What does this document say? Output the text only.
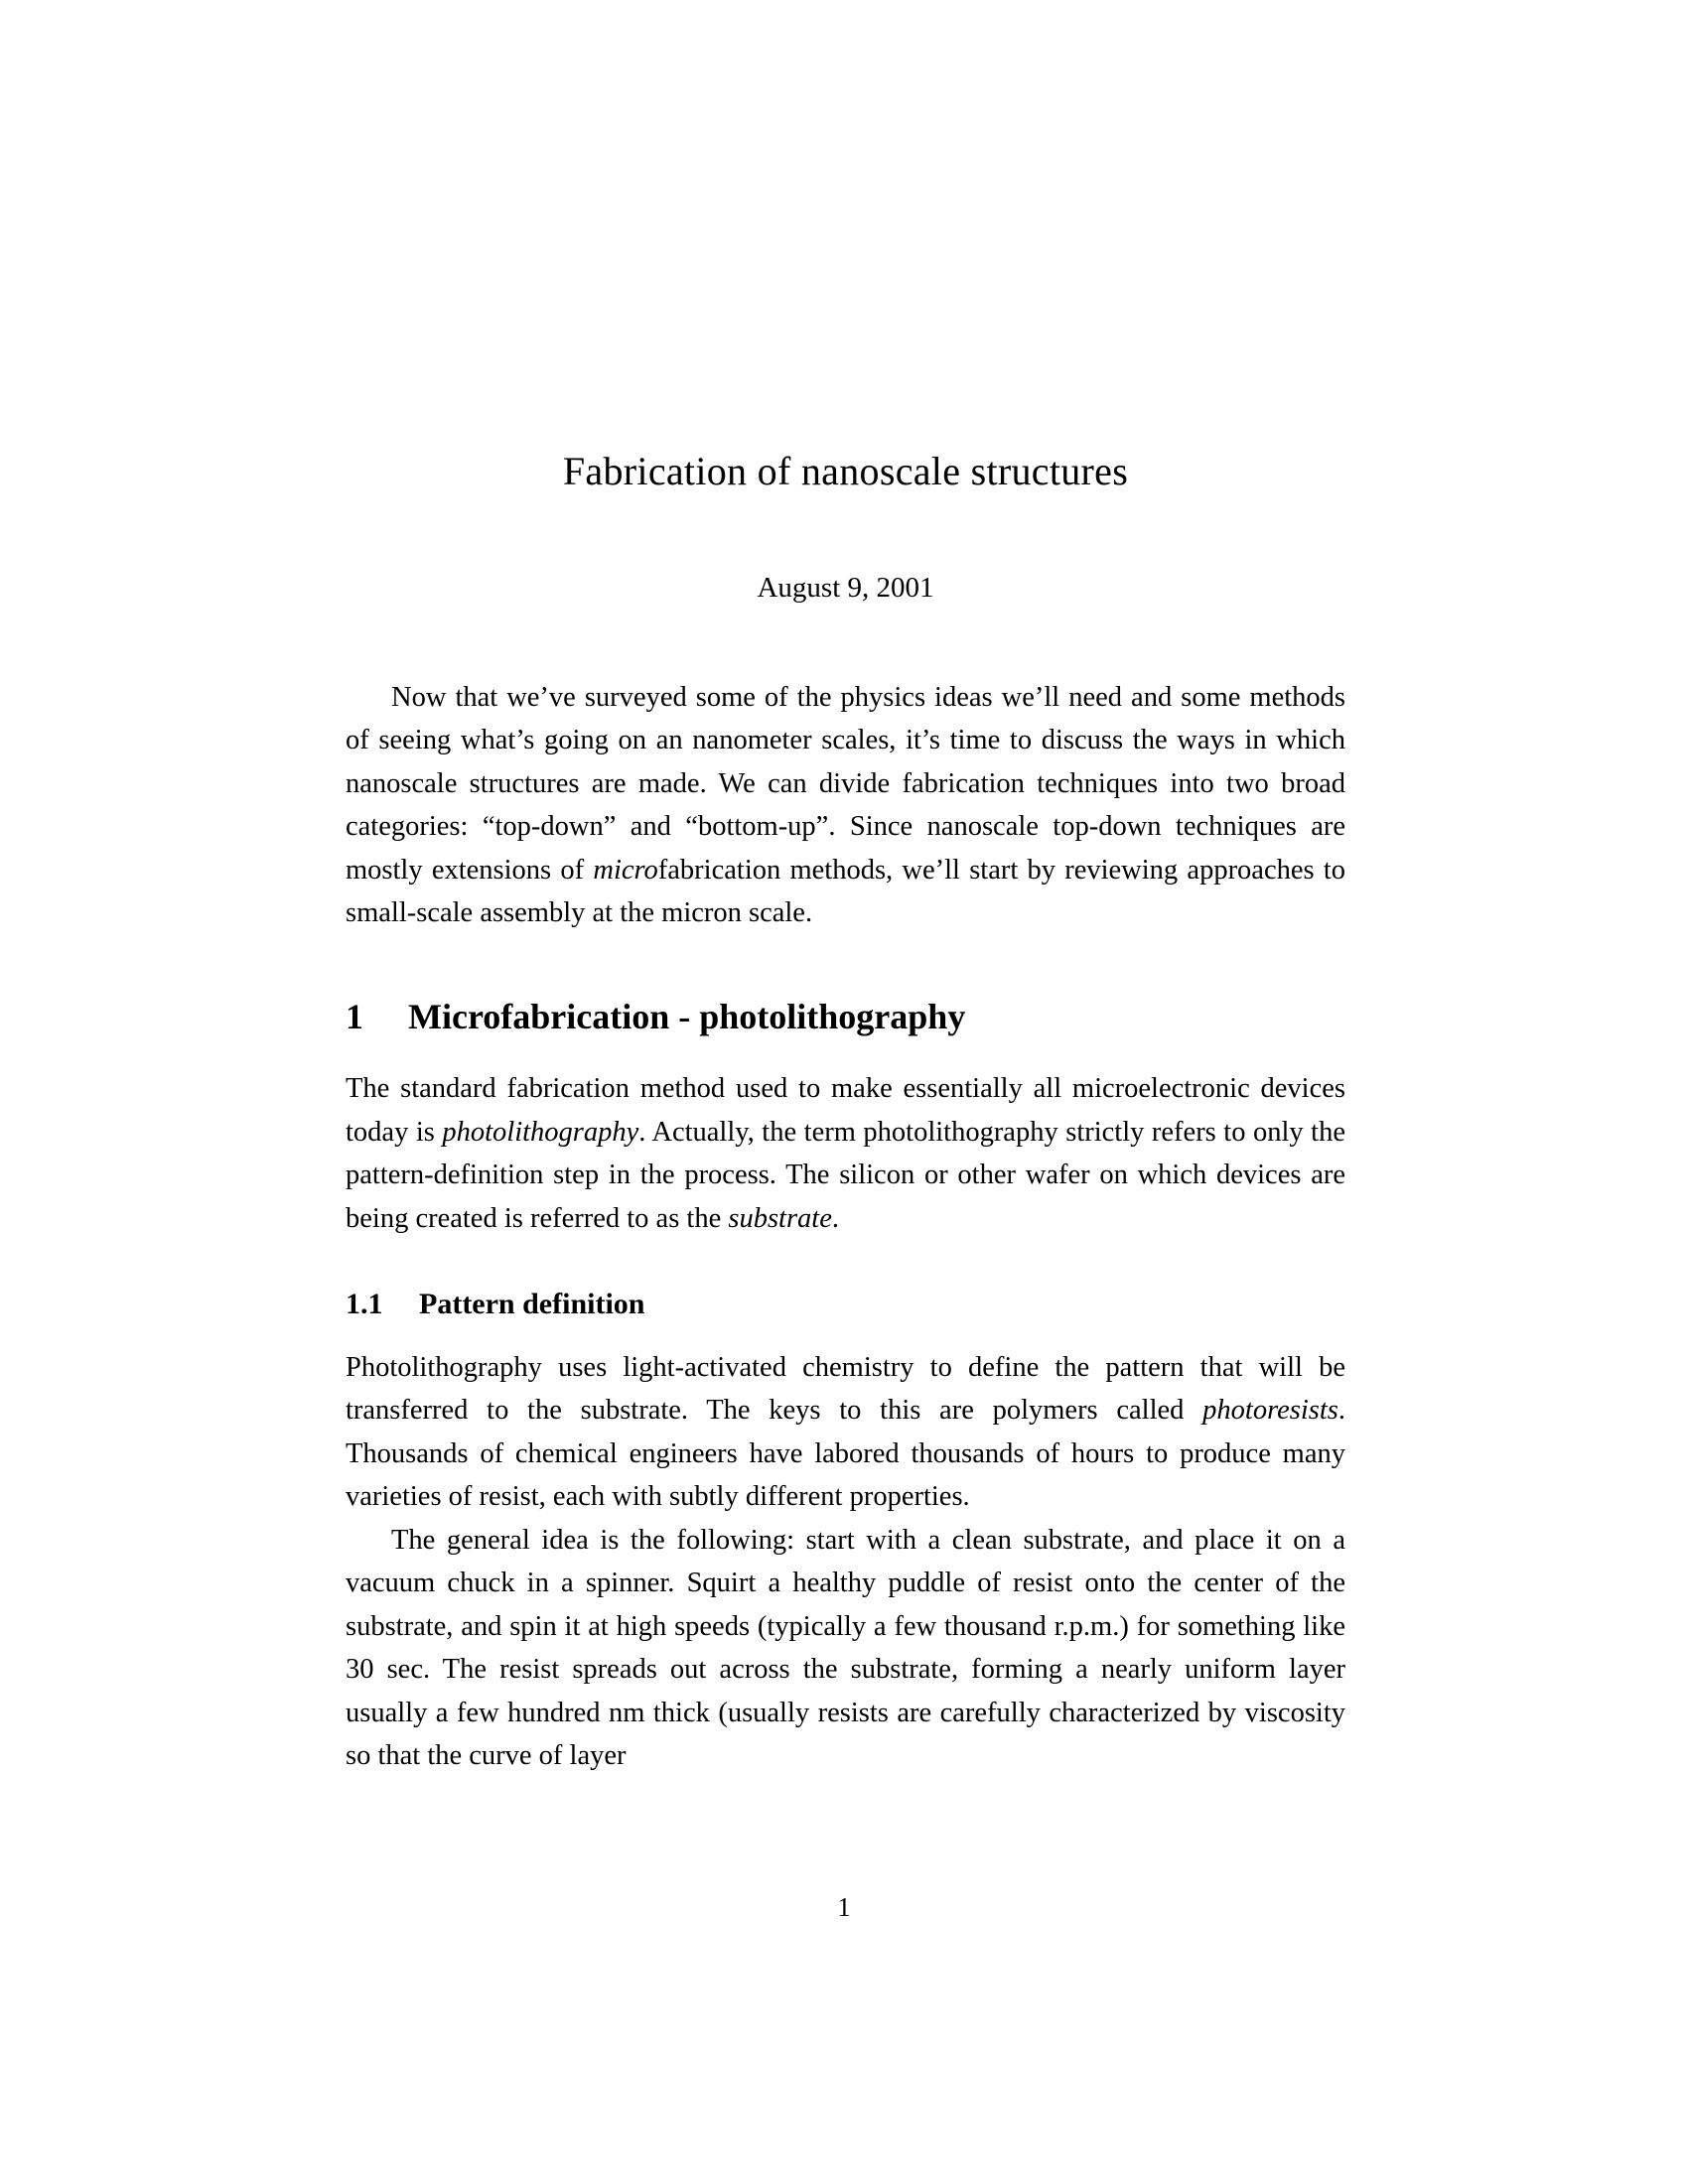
Fabrication of nanoscale structures

August 9, 2001

Now that we’ve surveyed some of the physics ideas we’ll need and some methods of seeing what’s going on an nanometer scales, it’s time to discuss the ways in which nanoscale structures are made. We can divide fabrication techniques into two broad categories: “top-down” and “bottom-up”. Since nanoscale top-down techniques are mostly extensions of microfabrication methods, we’ll start by reviewing approaches to small-scale assembly at the micron scale.

1	Microfabrication - photolithography

The standard fabrication method used to make essentially all microelectronic devices today is photolithography. Actually, the term photolithography strictly refers to only the pattern-definition step in the process. The silicon or other wafer on which devices are being created is referred to as the substrate.

1.1	Pattern definition

Photolithography uses light-activated chemistry to define the pattern that will be transferred to the substrate. The keys to this are polymers called photoresists. Thousands of chemical engineers have labored thousands of hours to produce many varieties of resist, each with subtly different properties.

The general idea is the following: start with a clean substrate, and place it on a vacuum chuck in a spinner. Squirt a healthy puddle of resist onto the center of the substrate, and spin it at high speeds (typically a few thousand r.p.m.) for something like 30 sec. The resist spreads out across the substrate, forming a nearly uniform layer usually a few hundred nm thick (usually resists are carefully characterized by viscosity so that the curve of layer

1
